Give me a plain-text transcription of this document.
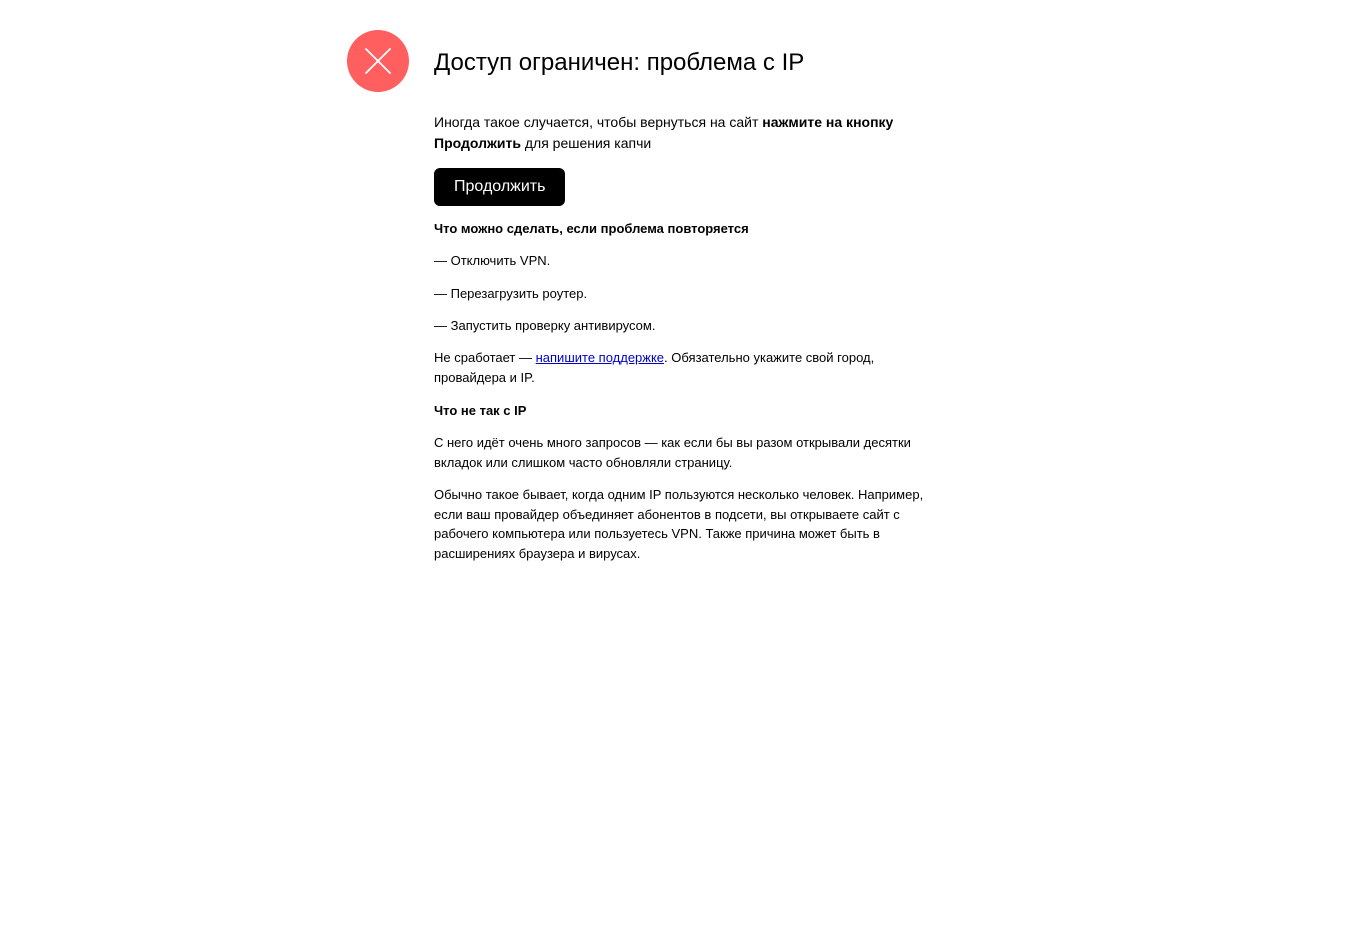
Доступ ограничен: проблема с IP

Иногда такое случается, чтобы вернуться на сайт нажмите на кнопку Продолжить для решения капчи

Продолжить

Что можно сделать, если проблема повторяется

— Отключить VPN.

— Перезагрузить роутер.

— Запустить проверку антивирусом.

Не сработает — напишите поддержке. Обязательно укажите свой город, провайдера и IP.

Что не так с IP

С него идёт очень много запросов — как если бы вы разом открывали десятки вкладок или слишком часто обновляли страницу.

Обычно такое бывает, когда одним IP пользуются несколько человек. Например, если ваш провайдер объединяет абонентов в подсети, вы открываете сайт с рабочего компьютера или пользуетесь VPN. Также причина может быть в расширениях браузера и вирусах.
